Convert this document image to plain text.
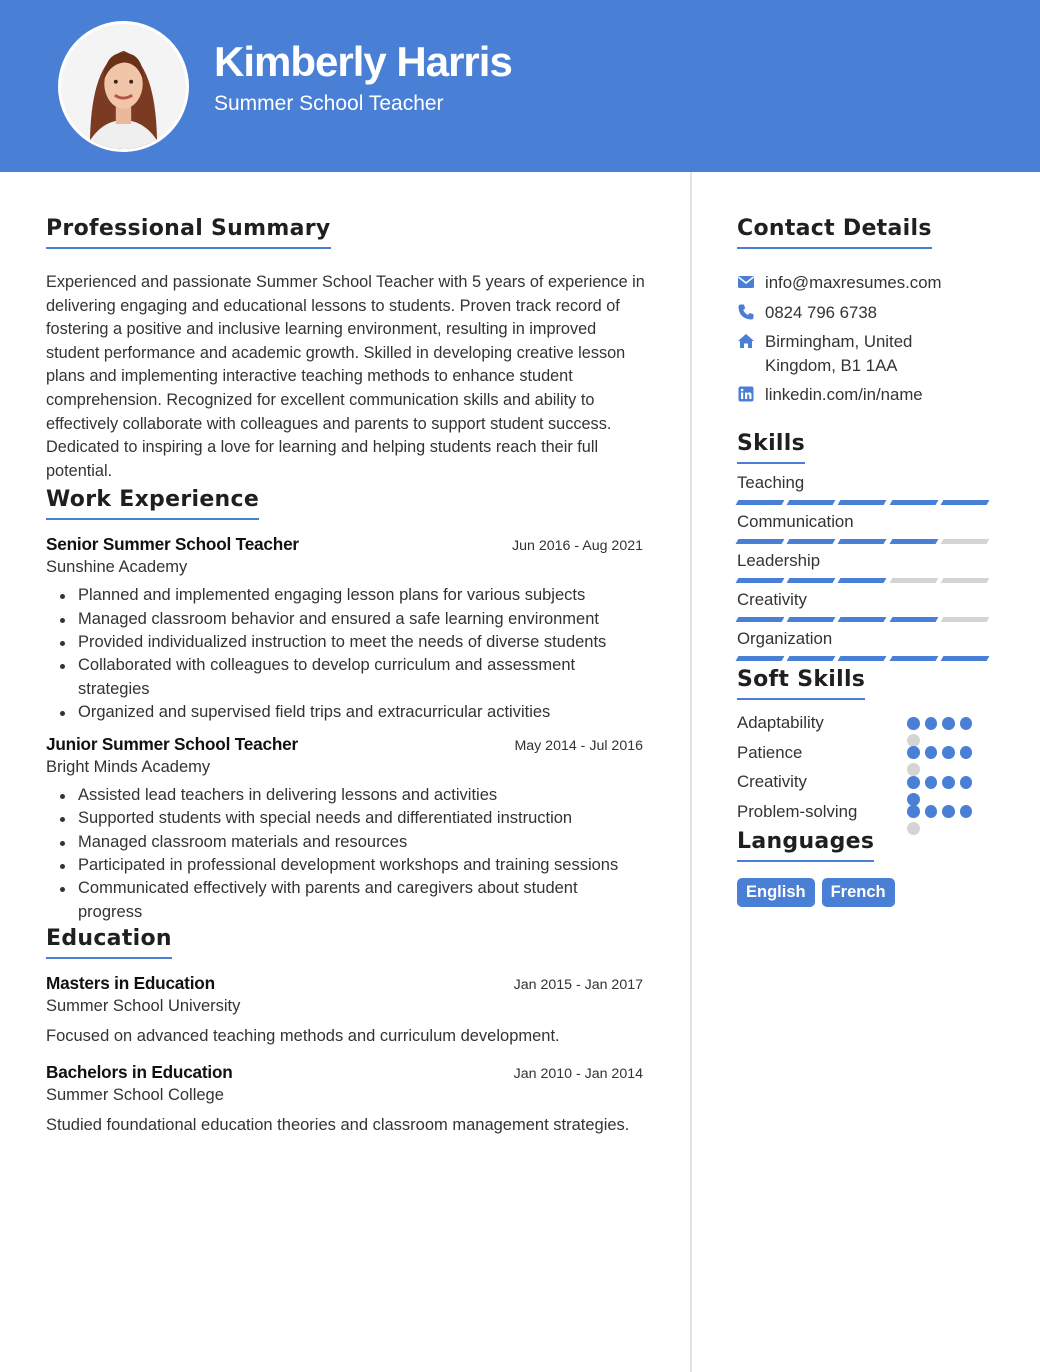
Kimberly Harris
Summer School Teacher
Professional Summary

Experienced and passionate Summer School Teacher with 5 years of experience in delivering engaging and educational lessons to students. Proven track record of fostering a positive and inclusive learning environment, resulting in improved student performance and academic growth. Skilled in developing creative lesson plans and implementing interactive teaching methods to enhance student comprehension. Recognized for excellent communication skills and ability to effectively collaborate with colleagues and parents to support student success. Dedicated to inspiring a love for learning and helping students reach their full potential.

Work Experience
Senior Summer School Teacher	Jun 2016 - Aug 2021
Sunshine Academy
Planned and implemented engaging lesson plans for various subjects
Managed classroom behavior and ensured a safe learning environment
Provided individualized instruction to meet the needs of diverse students
Collaborated with colleagues to develop curriculum and assessment strategies
Organized and supervised field trips and extracurricular activities
Junior Summer School Teacher	May 2014 - Jul 2016
Bright Minds Academy
Assisted lead teachers in delivering lessons and activities
Supported students with special needs and differentiated instruction
Managed classroom materials and resources
Participated in professional development workshops and training sessions
Communicated effectively with parents and caregivers about student progress
Education
Masters in Education	Jan 2015 - Jan 2017
Summer School University

Focused on advanced teaching methods and curriculum development.

Bachelors in Education	Jan 2010 - Jan 2014
Summer School College

Studied foundational education theories and classroom management strategies.

Contact Details
info@maxresumes.com
0824 796 6738
Birmingham, United Kingdom, B1 1AA
linkedin.com/in/name
Skills
Teaching
Communication
Leadership
Creativity
Organization
Soft Skills
Adaptability
Patience
Creativity
Problem-solving
Languages
English	French
